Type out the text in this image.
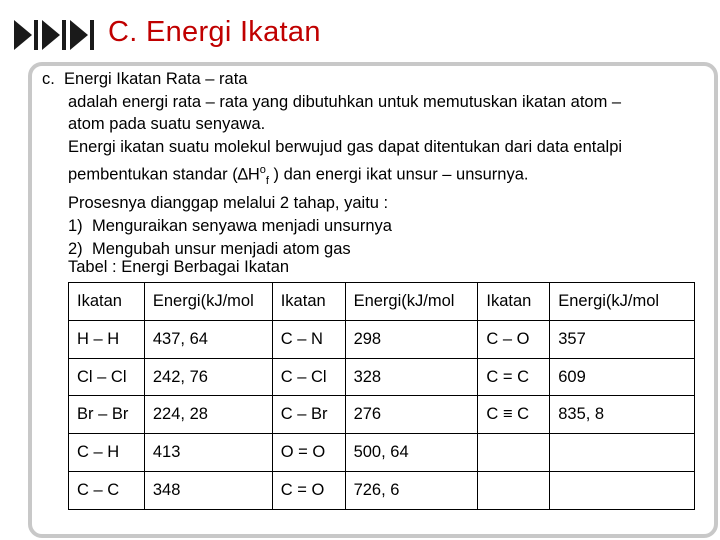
C. Energi Ikatan
c. Energi Ikatan Rata – rata
adalah energi rata – rata yang dibutuhkan untuk memutuskan ikatan atom –
atom pada suatu senyawa.
Energi ikatan suatu molekul berwujud gas dapat ditentukan dari data entalpi
pembentukan standar ($\Delta H^o_f$ ) dan energi ikat unsur – unsurnya.
Prosesnya dianggap melalui 2 tahap, yaitu :
1) Menguraikan senyawa menjadi unsurnya
2) Mengubah unsur menjadi atom gas
Tabel : Energi Berbagai Ikatan
Ikatan	Energi(kJ/mol	Ikatan	Energi(kJ/mol	Ikatan	Energi(kJ/mol
H – H	437, 64	C – N	298	C – O	357
Cl – Cl	242, 76	C – Cl	328	C = C	609
Br – Br	224, 28	C – Br	276	C ≡ C	835, 8
C – H	413	O = O	500, 64		
C – C	348	C = O	726, 6		
